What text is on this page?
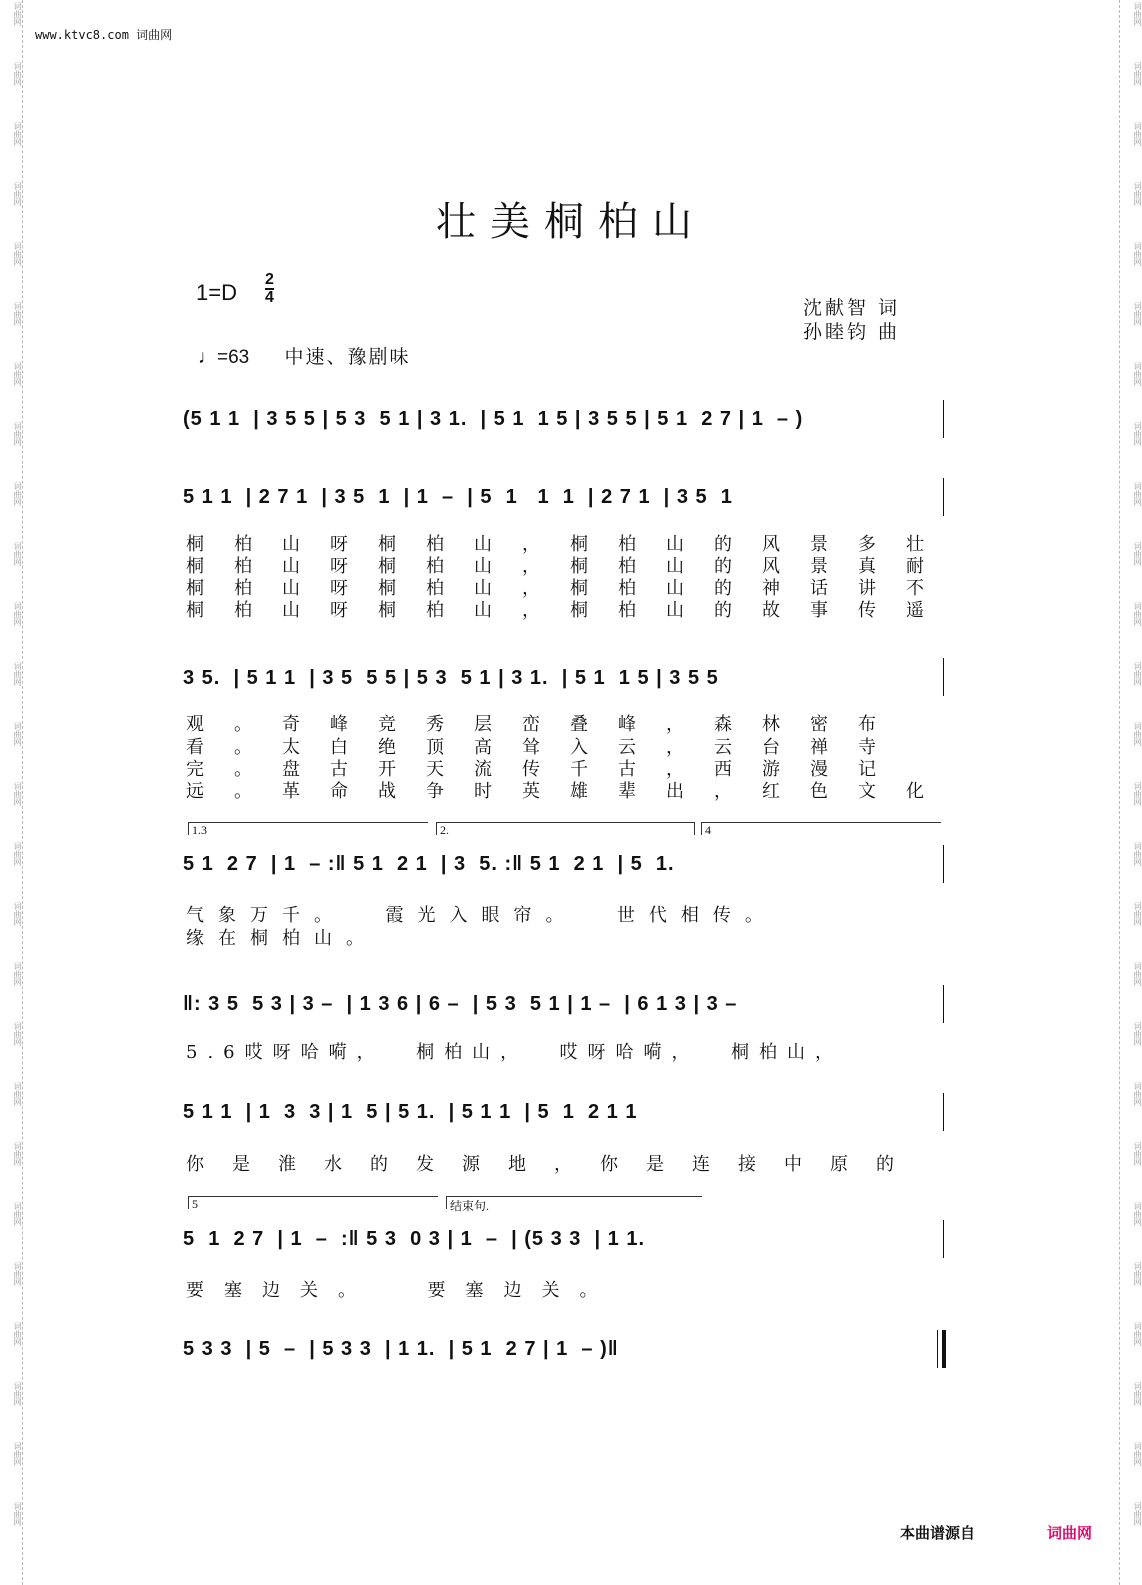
词曲网	词曲网
词曲网	词曲网
词曲网	词曲网
词曲网	词曲网
词曲网	词曲网
词曲网	词曲网
词曲网	词曲网
词曲网	词曲网
词曲网	词曲网
词曲网	词曲网
词曲网	词曲网
词曲网	词曲网
词曲网	词曲网
词曲网	词曲网
词曲网	词曲网
词曲网	词曲网
词曲网	词曲网
词曲网	词曲网
词曲网	词曲网
词曲网	词曲网
词曲网	词曲网
词曲网	词曲网
词曲网	词曲网
词曲网	词曲网
词曲网	词曲网
词曲网	词曲网
www.ktvc8.com 词曲网
壮美桐柏山
$1=D \frac{2}{4}$
♩=63 中速、豫剧味
沈献智 词
孙睦钧 曲
(5 1 1  | 3 5 5 | 5 3  5 1 | 3 1.  | 5 1  1 5 | 3 5 5 | 5 1  2 7 | 1  – )
5 1 1  | 2 7 1  | 3 5  1  | 1  –  | 5  1   1  1  | 2 7 1  | 3 5  1
桐柏山呀桐柏山，桐柏山的风景多壮
桐柏山呀桐柏山，桐柏山的风景真耐
桐柏山呀桐柏山，桐柏山的神话讲不
桐柏山呀桐柏山，桐柏山的故事传遥
3 5.  | 5 1 1  | 3 5  5 5 | 5 3  5 1 | 3 1.  | 5 1  1 5 | 3 5 5
观。奇峰竞秀层峦叠峰，森林密布
看。太白绝顶高耸入云，云台禅寺
完。盘古开天流传千古，西游漫记
远。革命战争时英雄辈出，红色文化
1.3	2.	4
5 1  2 7  | 1  – :‖ 5 1  2 1  | 3  5. :‖ 5 1  2 1  | 5  1.
气象万千。  霞光入眼帘。  世代相传。
缘在桐柏山。
‖: 3 5  5 3 | 3 –  | 1 3 6 | 6 –  | 5 3  5 1 | 1 –  | 6 1 3 | 3 –
5.6哎呀哈嗬，  桐柏山，  哎呀哈嗬，  桐柏山，
5 1 1  | 1  3  3 | 1  5 | 5 1.  | 5 1 1  | 5  1  2 1 1
你是淮水的发源地，你是连接中原的
5	结束句.
5  1  2 7  | 1  –  :‖ 5 3  0 3 | 1  –  | (5 3 3  | 1 1.
要塞边关。  要塞边关。
5 3 3  | 5  –  | 5 3 3  | 1 1.  | 5 1  2 7 | 1  – )‖
本曲谱源自	词曲网
